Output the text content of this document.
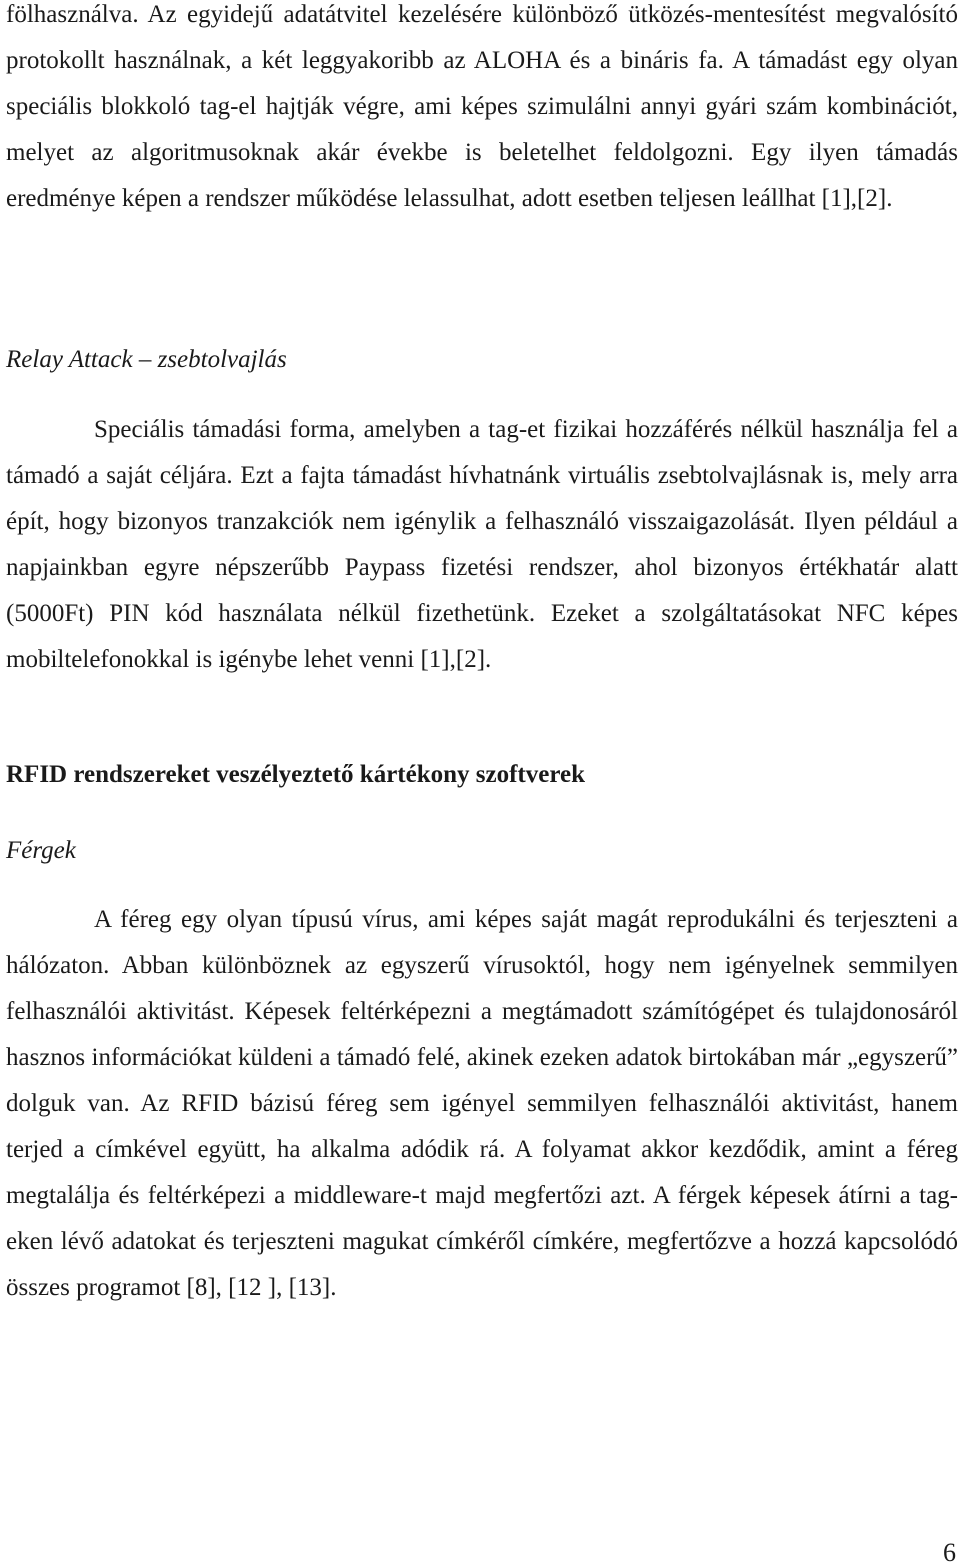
fölhasználva. Az egyidejű adatátvitel kezelésére különböző ütközés-mentesítést megvalósító protokollt használnak, a két leggyakoribb az ALOHA és a bináris fa. A támadást egy olyan speciális blokkoló tag-el hajtják végre, ami képes szimulálni annyi gyári szám kombinációt, melyet az algoritmusoknak akár évekbe is beletelhet feldolgozni. Egy ilyen támadás eredménye képen a rendszer működése lelassulhat, adott esetben teljesen leállhat [1],[2].

Relay Attack – zsebtolvajlás

Speciális támadási forma, amelyben a tag-et fizikai hozzáférés nélkül használja fel a támadó a saját céljára. Ezt a fajta támadást hívhatnánk virtuális zsebtolvajlásnak is, mely arra épít, hogy bizonyos tranzakciók nem igénylik a felhasználó visszaigazolását. Ilyen például a napjainkban egyre népszerűbb Paypass fizetési rendszer, ahol bizonyos értékhatár alatt (5000Ft) PIN kód használata nélkül fizethetünk. Ezeket a szolgáltatásokat NFC képes mobiltelefonokkal is igénybe lehet venni [1],[2].

RFID rendszereket veszélyeztető kártékony szoftverek

Férgek

A féreg egy olyan típusú vírus, ami képes saját magát reprodukálni és terjeszteni a hálózaton. Abban különböznek az egyszerű vírusoktól, hogy nem igényelnek semmilyen felhasználói aktivitást. Képesek feltérképezni a megtámadott számítógépet és tulajdonosáról hasznos információkat küldeni a támadó felé, akinek ezeken adatok birtokában már „egyszerű” dolguk van. Az RFID bázisú féreg sem igényel semmilyen felhasználói aktivitást, hanem terjed a címkével együtt, ha alkalma adódik rá. A folyamat akkor kezdődik, amint a féreg megtalálja és feltérképezi a middleware-t majd megfertőzi azt. A férgek képesek átírni a tag-eken lévő adatokat és terjeszteni magukat címkéről címkére, megfertőzve a hozzá kapcsolódó összes programot [8], [12 ], [13].

6
